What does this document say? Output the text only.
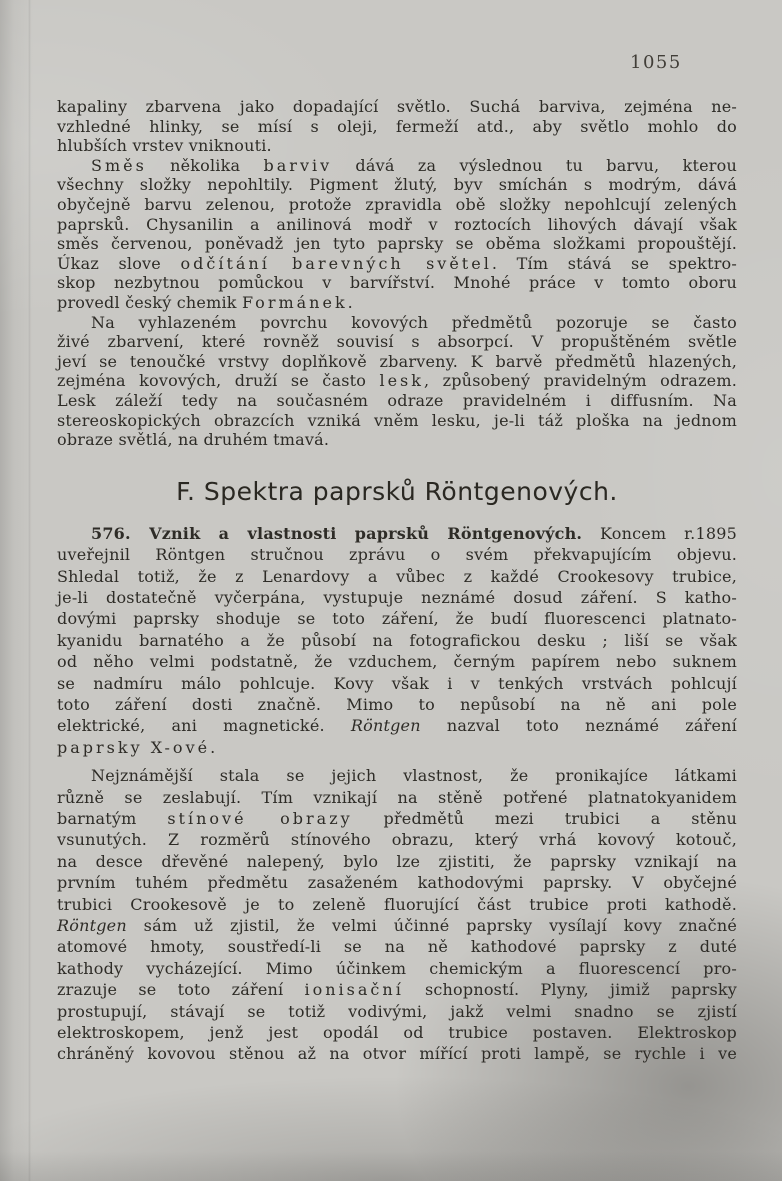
1055
kapaliny zbarvena jako dopadající světlo. Suchá barviva, zejména ne-
vzhledné hlinky, se mísí s oleji, fermeží atd., aby světlo mohlo do
hlubších vrstev vniknouti.
Směs několika barviv dává za výslednou tu barvu, kterou
všechny složky nepohltily. Pigment žlutý, byv smíchán s modrým, dává
obyčejně barvu zelenou, protože zpravidla obě složky nepohlcují zelených
paprsků. Chysanilin a anilinová modř v roztocích lihových dávají však
směs červenou, poněvadž jen tyto paprsky se oběma složkami propouštějí.
Úkaz slove odčítání barevných světel. Tím stává se spektro-
skop nezbytnou pomůckou v barvířství. Mnohé práce v tomto oboru
provedl český chemik Formánek.
Na vyhlazeném povrchu kovových předmětů pozoruje se často
živé zbarvení, které rovněž souvisí s absorpcí. V propuštěném světle
jeví se tenoučké vrstvy doplňkově zbarveny. K barvě předmětů hlazených,
zejména kovových, druží se často lesk, způsobený pravidelným odrazem.
Lesk záleží tedy na současném odraze pravidelném i diffusním. Na
stereoskopických obrazcích vzniká vněm lesku, je-li táž ploška na jednom
obraze světlá, na druhém tmavá.
F. Spektra paprsků Röntgenových.
576. Vznik a vlastnosti paprsků Röntgenových. Koncem r.1895
uveřejnil Röntgen stručnou zprávu o svém překvapujícím objevu.
Shledal totiž, že z Lenardovy a vůbec z každé Crookesovy trubice,
je-li dostatečně vyčerpána, vystupuje neznámé dosud záření. S katho-
dovými paprsky shoduje se toto záření, že budí fluorescenci platnato-
kyanidu barnatého a že působí na fotografickou desku ; liší se však
od něho velmi podstatně, že vzduchem, černým papírem nebo suknem
se nadmíru málo pohlcuje. Kovy však i v tenkých vrstvách pohlcují
toto záření dosti značně. Mimo to nepůsobí na ně ani pole
elektrické, ani magnetické. Röntgen nazval toto neznámé záření
paprsky X-ové.
Nejznámější stala se jejich vlastnost, že pronikajíce látkami
různě se zeslabují. Tím vznikají na stěně potřené platnatokyanidem
barnatým stínové obrazy předmětů mezi trubici a stěnu
vsunutých. Z rozměrů stínového obrazu, který vrhá kovový kotouč,
na desce dřevěné nalepený, bylo lze zjistiti, že paprsky vznikají na
prvním tuhém předmětu zasaženém kathodovými paprsky. V obyčejné
trubici Crookesově je to zeleně fluorující část trubice proti kathodě.
Röntgen sám už zjistil, že velmi účinné paprsky vysílají kovy značné
atomové hmoty, soustředí-li se na ně kathodové paprsky z duté
kathody vycházející. Mimo účinkem chemickým a fluorescencí pro-
zrazuje se toto záření ionisační schopností. Plyny, jimiž paprsky
prostupují, stávají se totiž vodivými, jakž velmi snadno se zjistí
elektroskopem, jenž jest opodál od trubice postaven. Elektroskop
chráněný kovovou stěnou až na otvor mířící proti lampě, se rychle i ve
